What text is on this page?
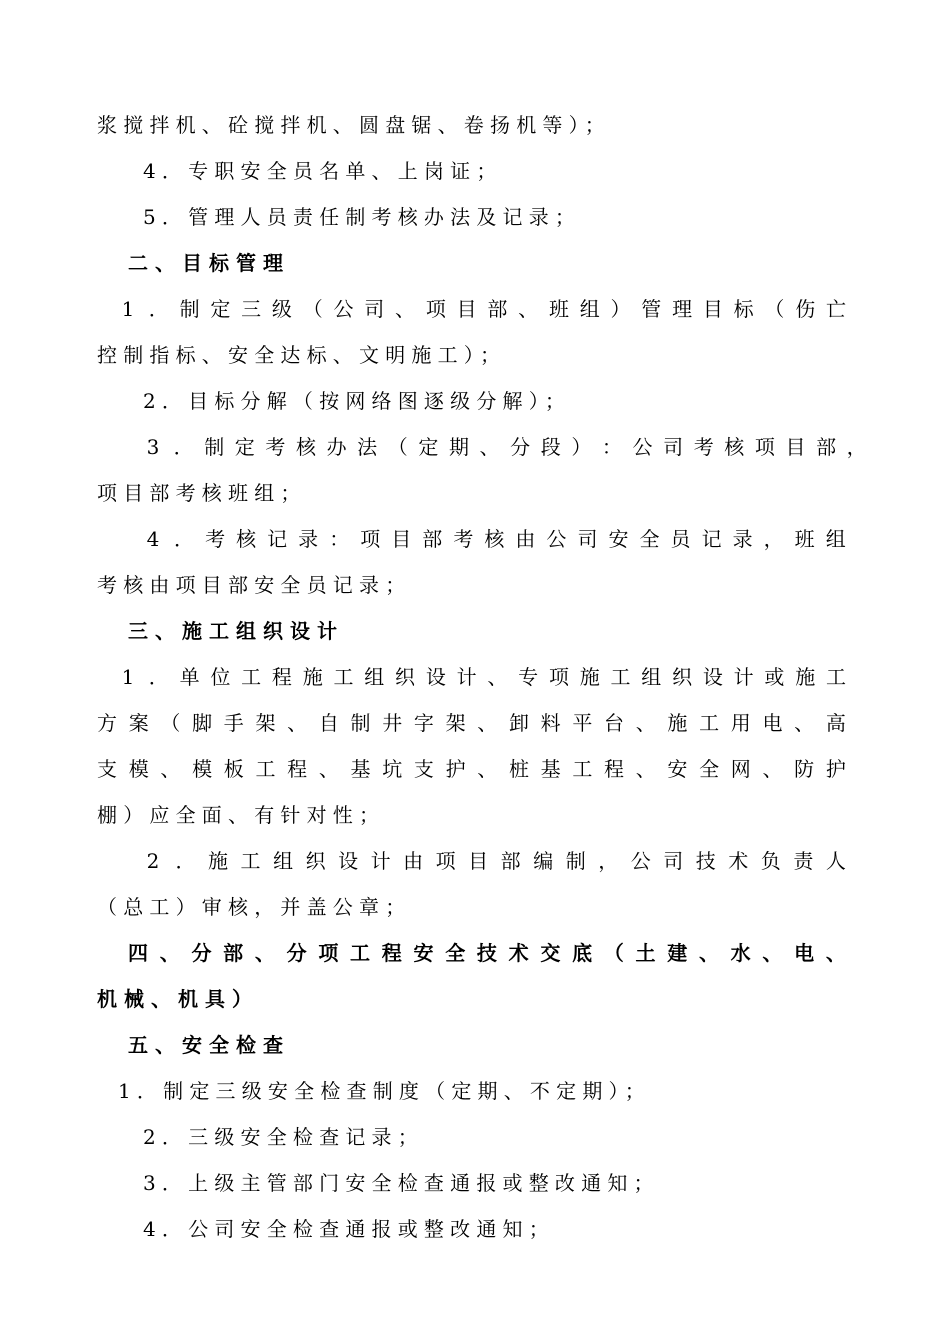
浆搅拌机、砼搅拌机、圆盘锯、卷扬机等）；
4．专职安全员名单、上岗证；
5．管理人员责任制考核办法及记录；
二、目标管理
1 ． 制 定 三 级 （ 公 司 、 项 目 部 、 班 组 ） 管 理 目 标 （ 伤 亡
控制指标、安全达标、文明施工）；
2．目标分解（按网络图逐级分解）；
3 ． 制 定 考 核 办 法 （ 定 期 、 分 段 ） ： 公 司 考 核 项 目 部 ，
项目部考核班组；
4 ． 考 核 记 录 ： 项 目 部 考 核 由 公 司 安 全 员 记 录 ， 班 组
考核由项目部安全员记录；
三、施工组织设计
1 ． 单 位 工 程 施 工 组 织 设 计 、 专 项 施 工 组 织 设 计 或 施 工
方 案 （ 脚 手 架 、 自 制 井 字 架 、 卸 料 平 台 、 施 工 用 电 、 高
支 模 、 模 板 工 程 、 基 坑 支 护 、 桩 基 工 程 、 安 全 网 、 防 护
棚）应全面、有针对性；
2 ． 施 工 组 织 设 计 由 项 目 部 编 制 ， 公 司 技 术 负 责 人
（总工）审核，并盖公章；
四 、 分 部 、 分 项 工 程 安 全 技 术 交 底 （ 土 建 、 水 、 电 、
机械、机具）
五、安全检查
1．制定三级安全检查制度（定期、不定期）；
2．三级安全检查记录；
3．上级主管部门安全检查通报或整改通知；
4．公司安全检查通报或整改通知；
